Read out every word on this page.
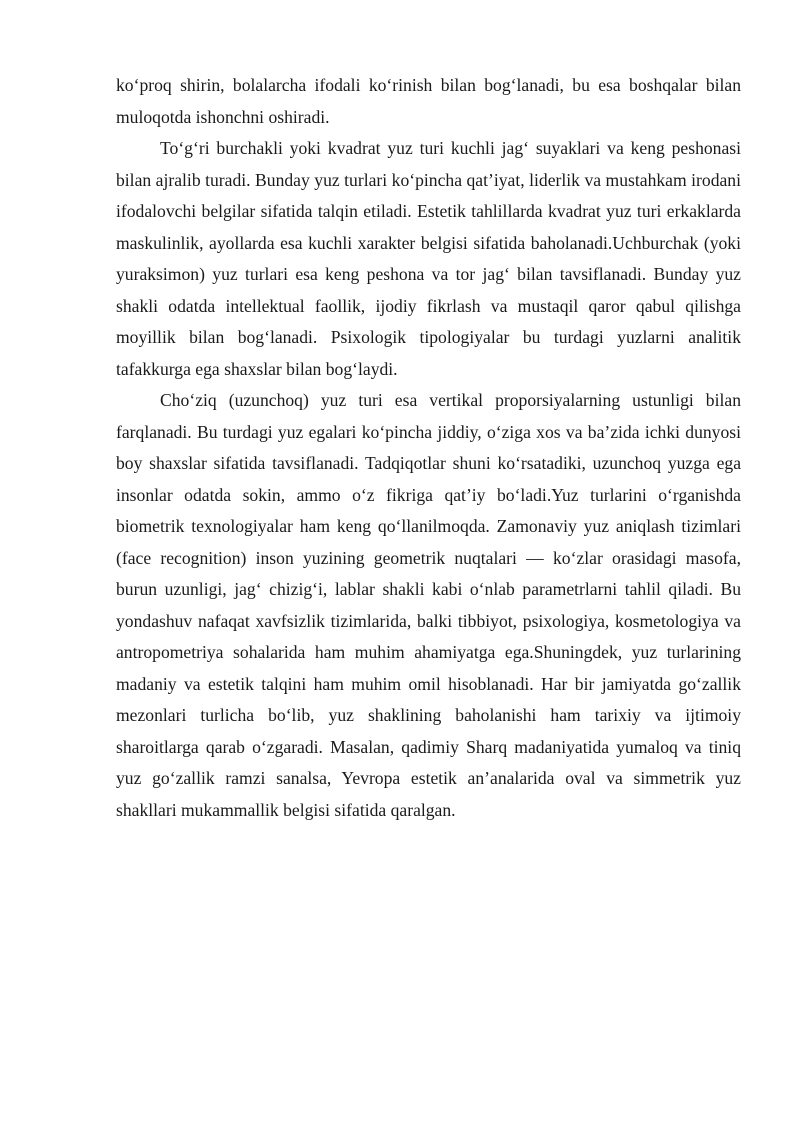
ko‘proq shirin, bolalarcha ifodali ko‘rinish bilan bog‘lanadi, bu esa boshqalar bilan muloqotda ishonchni oshiradi.

To‘g‘ri burchakli yoki kvadrat yuz turi kuchli jag‘ suyaklari va keng peshonasi bilan ajralib turadi. Bunday yuz turlari ko‘pincha qat’iyat, liderlik va mustahkam irodani ifodalovchi belgilar sifatida talqin etiladi. Estetik tahlillarda kvadrat yuz turi erkaklarda maskulinlik, ayollarda esa kuchli xarakter belgisi sifatida baholanadi.Uchburchak (yoki yuraksimon) yuz turlari esa keng peshona va tor jag‘ bilan tavsiflanadi. Bunday yuz shakli odatda intellektual faollik, ijodiy fikrlash va mustaqil qaror qabul qilishga moyillik bilan bog‘lanadi. Psixologik tipologiyalar bu turdagi yuzlarni analitik tafakkurga ega shaxslar bilan bog‘laydi.

Cho‘ziq (uzunchoq) yuz turi esa vertikal proporsiyalarning ustunligi bilan farqlanadi. Bu turdagi yuz egalari ko‘pincha jiddiy, o‘ziga xos va ba’zida ichki dunyosi boy shaxslar sifatida tavsiflanadi. Tadqiqotlar shuni ko‘rsatadiki, uzunchoq yuzga ega insonlar odatda sokin, ammo o‘z fikriga qat’iy bo‘ladi.Yuz turlarini o‘rganishda biometrik texnologiyalar ham keng qo‘llanilmoqda. Zamonaviy yuz aniqlash tizimlari (face recognition) inson yuzining geometrik nuqtalari — ko‘zlar orasidagi masofa, burun uzunligi, jag‘ chizig‘i, lablar shakli kabi o‘nlab parametrlarni tahlil qiladi. Bu yondashuv nafaqat xavfsizlik tizimlarida, balki tibbiyot, psixologiya, kosmetologiya va antropometriya sohalarida ham muhim ahamiyatga ega.Shuningdek, yuz turlarining madaniy va estetik talqini ham muhim omil hisoblanadi. Har bir jamiyatda go‘zallik mezonlari turlicha bo‘lib, yuz shaklining baholanishi ham tarixiy va ijtimoiy sharoitlarga qarab o‘zgaradi. Masalan, qadimiy Sharq madaniyatida yumaloq va tiniq yuz go‘zallik ramzi sanalsa, Yevropa estetik an’analarida oval va simmetrik yuz shakllari mukammallik belgisi sifatida qaralgan.
